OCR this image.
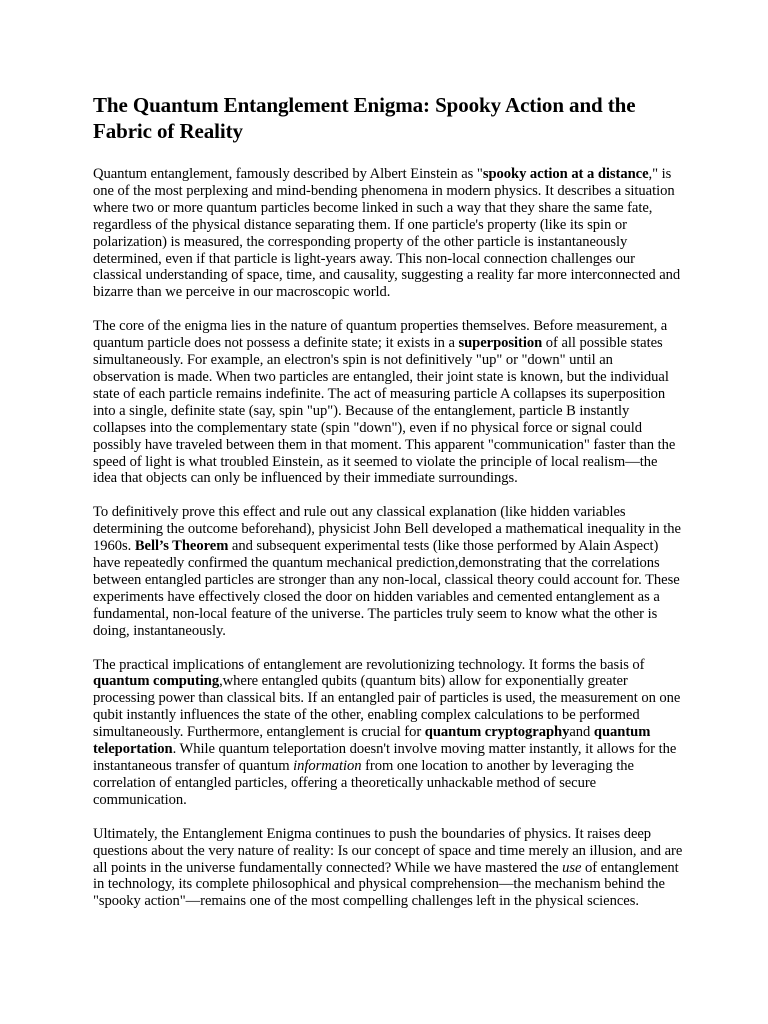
The Quantum Entanglement Enigma: Spooky Action and the Fabric of Reality

Quantum entanglement, famously described by Albert Einstein as "spooky action at a distance," is one of the most perplexing and mind-bending phenomena in modern physics. It describes a situation where two or more quantum particles become linked in such a way that they share the same fate, regardless of the physical distance separating them. If one particle's property (like its spin or polarization) is measured, the corresponding property of the other particle is instantaneously determined, even if that particle is light-years away. This non-local connection challenges our classical understanding of space, time, and causality, suggesting a reality far more interconnected and bizarre than we perceive in our macroscopic world.

The core of the enigma lies in the nature of quantum properties themselves. Before measurement, a quantum particle does not possess a definite state; it exists in a superposition of all possible states simultaneously. For example, an electron's spin is not definitively "up" or "down" until an observation is made. When two particles are entangled, their joint state is known, but the individual state of each particle remains indefinite. The act of measuring particle A collapses its superposition into a single, definite state (say, spin "up"). Because of the entanglement, particle B instantly collapses into the complementary state (spin "down"), even if no physical force or signal could possibly have traveled between them in that moment. This apparent "communication" faster than the speed of light is what troubled Einstein, as it seemed to violate the principle of local realism—the idea that objects can only be influenced by their immediate surroundings.

To definitively prove this effect and rule out any classical explanation (like hidden variables determining the outcome beforehand), physicist John Bell developed a mathematical inequality in the 1960s. Bell’s Theorem and subsequent experimental tests (like those performed by Alain Aspect) have repeatedly confirmed the quantum mechanical prediction,demonstrating that the correlations between entangled particles are stronger than any non-local, classical theory could account for. These experiments have effectively closed the door on hidden variables and cemented entanglement as a fundamental, non-local feature of the universe. The particles truly seem to know what the other is doing, instantaneously.

The practical implications of entanglement are revolutionizing technology. It forms the basis of quantum computing,where entangled qubits (quantum bits) allow for exponentially greater processing power than classical bits. If an entangled pair of particles is used, the measurement on one qubit instantly influences the state of the other, enabling complex calculations to be performed simultaneously. Furthermore, entanglement is crucial for quantum cryptographyand quantum teleportation. While quantum teleportation doesn't involve moving matter instantly, it allows for the instantaneous transfer of quantum information from one location to another by leveraging the correlation of entangled particles, offering a theoretically unhackable method of secure communication.

Ultimately, the Entanglement Enigma continues to push the boundaries of physics. It raises deep questions about the very nature of reality: Is our concept of space and time merely an illusion, and are all points in the universe fundamentally connected? While we have mastered the use of entanglement in technology, its complete philosophical and physical comprehension—the mechanism behind the "spooky action"—remains one of the most compelling challenges left in the physical sciences.
